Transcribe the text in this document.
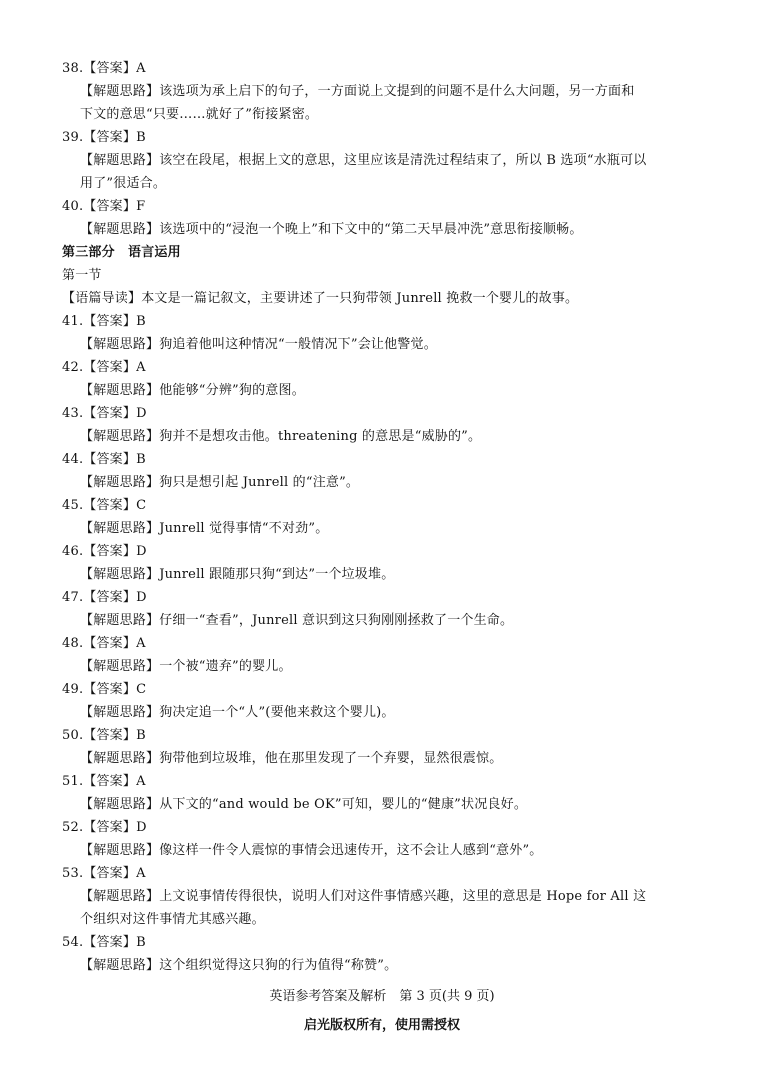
38.【答案】A
【解题思路】该选项为承上启下的句子，一方面说上文提到的问题不是什么大问题，另一方面和
下文的意思“只要……就好了”衔接紧密。
39.【答案】B
【解题思路】该空在段尾，根据上文的意思，这里应该是清洗过程结束了，所以 B 选项“水瓶可以
用了”很适合。
40.【答案】F
【解题思路】该选项中的“浸泡一个晚上”和下文中的“第二天早晨冲洗”意思衔接顺畅。
第三部分　语言运用
第一节
【语篇导读】本文是一篇记叙文，主要讲述了一只狗带领 Junrell 挽救一个婴儿的故事。
41.【答案】B
【解题思路】狗追着他叫这种情况“一般情况下”会让他警觉。
42.【答案】A
【解题思路】他能够“分辨”狗的意图。
43.【答案】D
【解题思路】狗并不是想攻击他。threatening 的意思是“威胁的”。
44.【答案】B
【解题思路】狗只是想引起 Junrell 的“注意”。
45.【答案】C
【解题思路】Junrell 觉得事情“不对劲”。
46.【答案】D
【解题思路】Junrell 跟随那只狗“到达”一个垃圾堆。
47.【答案】D
【解题思路】仔细一“查看”，Junrell 意识到这只狗刚刚拯救了一个生命。
48.【答案】A
【解题思路】一个被“遗弃”的婴儿。
49.【答案】C
【解题思路】狗决定追一个“人”(要他来救这个婴儿)。
50.【答案】B
【解题思路】狗带他到垃圾堆，他在那里发现了一个弃婴，显然很震惊。
51.【答案】A
【解题思路】从下文的“and would be OK”可知，婴儿的“健康”状况良好。
52.【答案】D
【解题思路】像这样一件令人震惊的事情会迅速传开，这不会让人感到“意外”。
53.【答案】A
【解题思路】上文说事情传得很快，说明人们对这件事情感兴趣，这里的意思是 Hope for All 这
个组织对这件事情尤其感兴趣。
54.【答案】B
【解题思路】这个组织觉得这只狗的行为值得“称赞”。
英语参考答案及解析　第 3 页(共 9 页)
启光版权所有，使用需授权
